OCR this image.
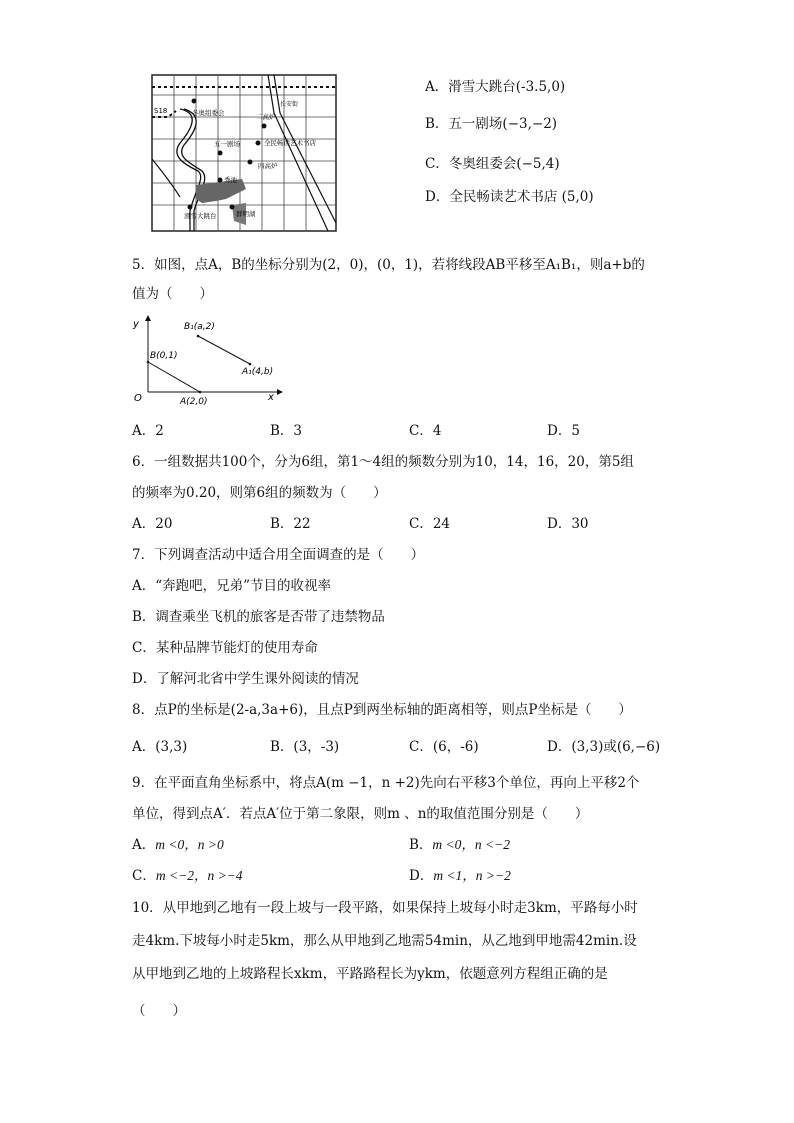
S18	冬奥组委会
长安街
二高炉
五一剧场	全民畅读艺术书店
四高炉
秀池
滑雪大跳台	群明湖
A．滑雪大跳台(-3.5,0)
B．五一剧场(−3,−2)
C．冬奥组委会(−5,4)
D．全民畅读艺术书店 (5,0)
5．如图，点A，B的坐标分别为(2，0)，(0，1)，若将线段AB平移至A₁B₁，则a+b的
值为（　　）
y
x
O
B(0,1)
A(2,0)
B₁(a,2)
A₁(4,b)
A．2	B．3	C．4	D．5
6．一组数据共100个，分为6组，第1～4组的频数分别为10，14，16，20，第5组
的频率为0.20，则第6组的频数为（　　）
A．20	B．22	C．24	D．30
7．下列调查活动中适合用全面调查的是（　　）
A．“奔跑吧，兄弟”节目的收视率
B．调查乘坐飞机的旅客是否带了违禁物品
C．某种品牌节能灯的使用寿命
D．了解河北省中学生课外阅读的情况
8．点P的坐标是(2-a,3a+6)，且点P到两坐标轴的距离相等，则点P坐标是（　　）
A．(3,3)	B．(3，-3)	C．(6，-6)	D．(3,3)或(6,−6)
9．在平面直角坐标系中，将点A(m −1，n +2)先向右平移3个单位，再向上平移2个
单位，得到点A′．若点A′位于第二象限，则m 、n的取值范围分别是（　　）
A．m <0，n >0	B．m <0，n <−2
C．m <−2，n >−4	D．m <1，n >−2
10．从甲地到乙地有一段上坡与一段平路，如果保持上坡每小时走3km，平路每小时
走4km.下坡每小时走5km，那么从甲地到乙地需54min，从乙地到甲地需42min.设
从甲地到乙地的上坡路程长xkm，平路路程长为ykm，依题意列方程组正确的是
（　　）
